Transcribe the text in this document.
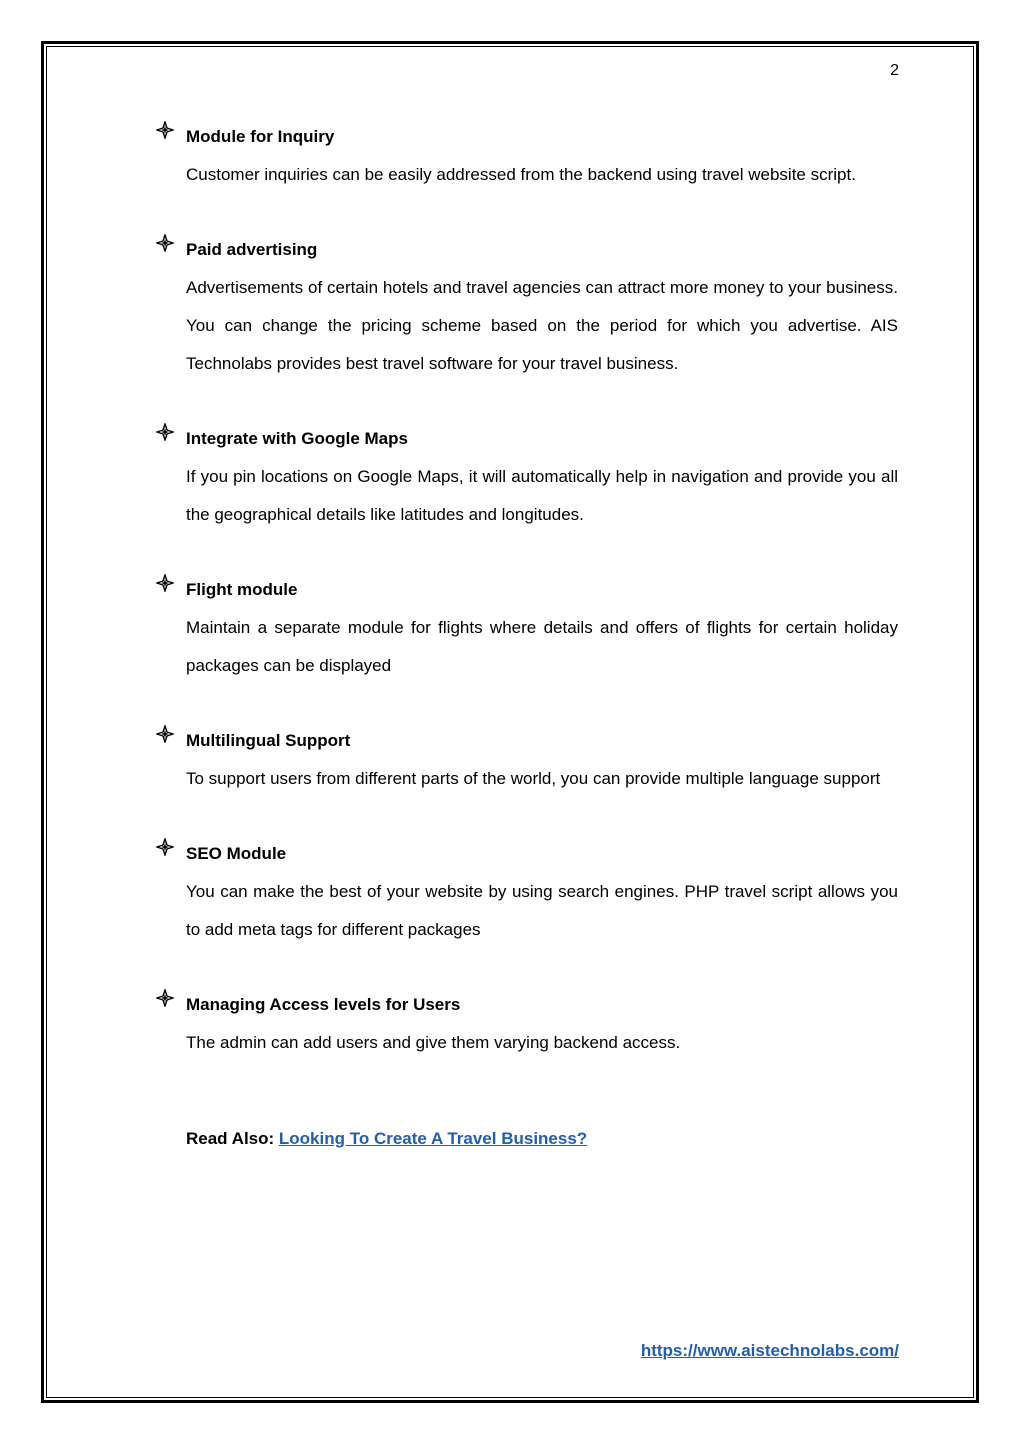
2
Module for Inquiry
Customer inquiries can be easily addressed from the backend using travel website script.
Paid advertising
Advertisements of certain hotels and travel agencies can attract more money to your business. You can change the pricing scheme based on the period for which you advertise. AIS Technolabs provides best travel software for your travel business.
Integrate with Google Maps
If you pin locations on Google Maps, it will automatically help in navigation and provide you all the geographical details like latitudes and longitudes.
Flight module
Maintain a separate module for flights where details and offers of flights for certain holiday packages can be displayed
Multilingual Support
To support users from different parts of the world, you can provide multiple language support
SEO Module
You can make the best of your website by using search engines. PHP travel script allows you to add meta tags for different packages
Managing Access levels for Users
The admin can add users and give them varying backend access.
Read Also: Looking To Create A Travel Business?
https://www.aistechnolabs.com/
